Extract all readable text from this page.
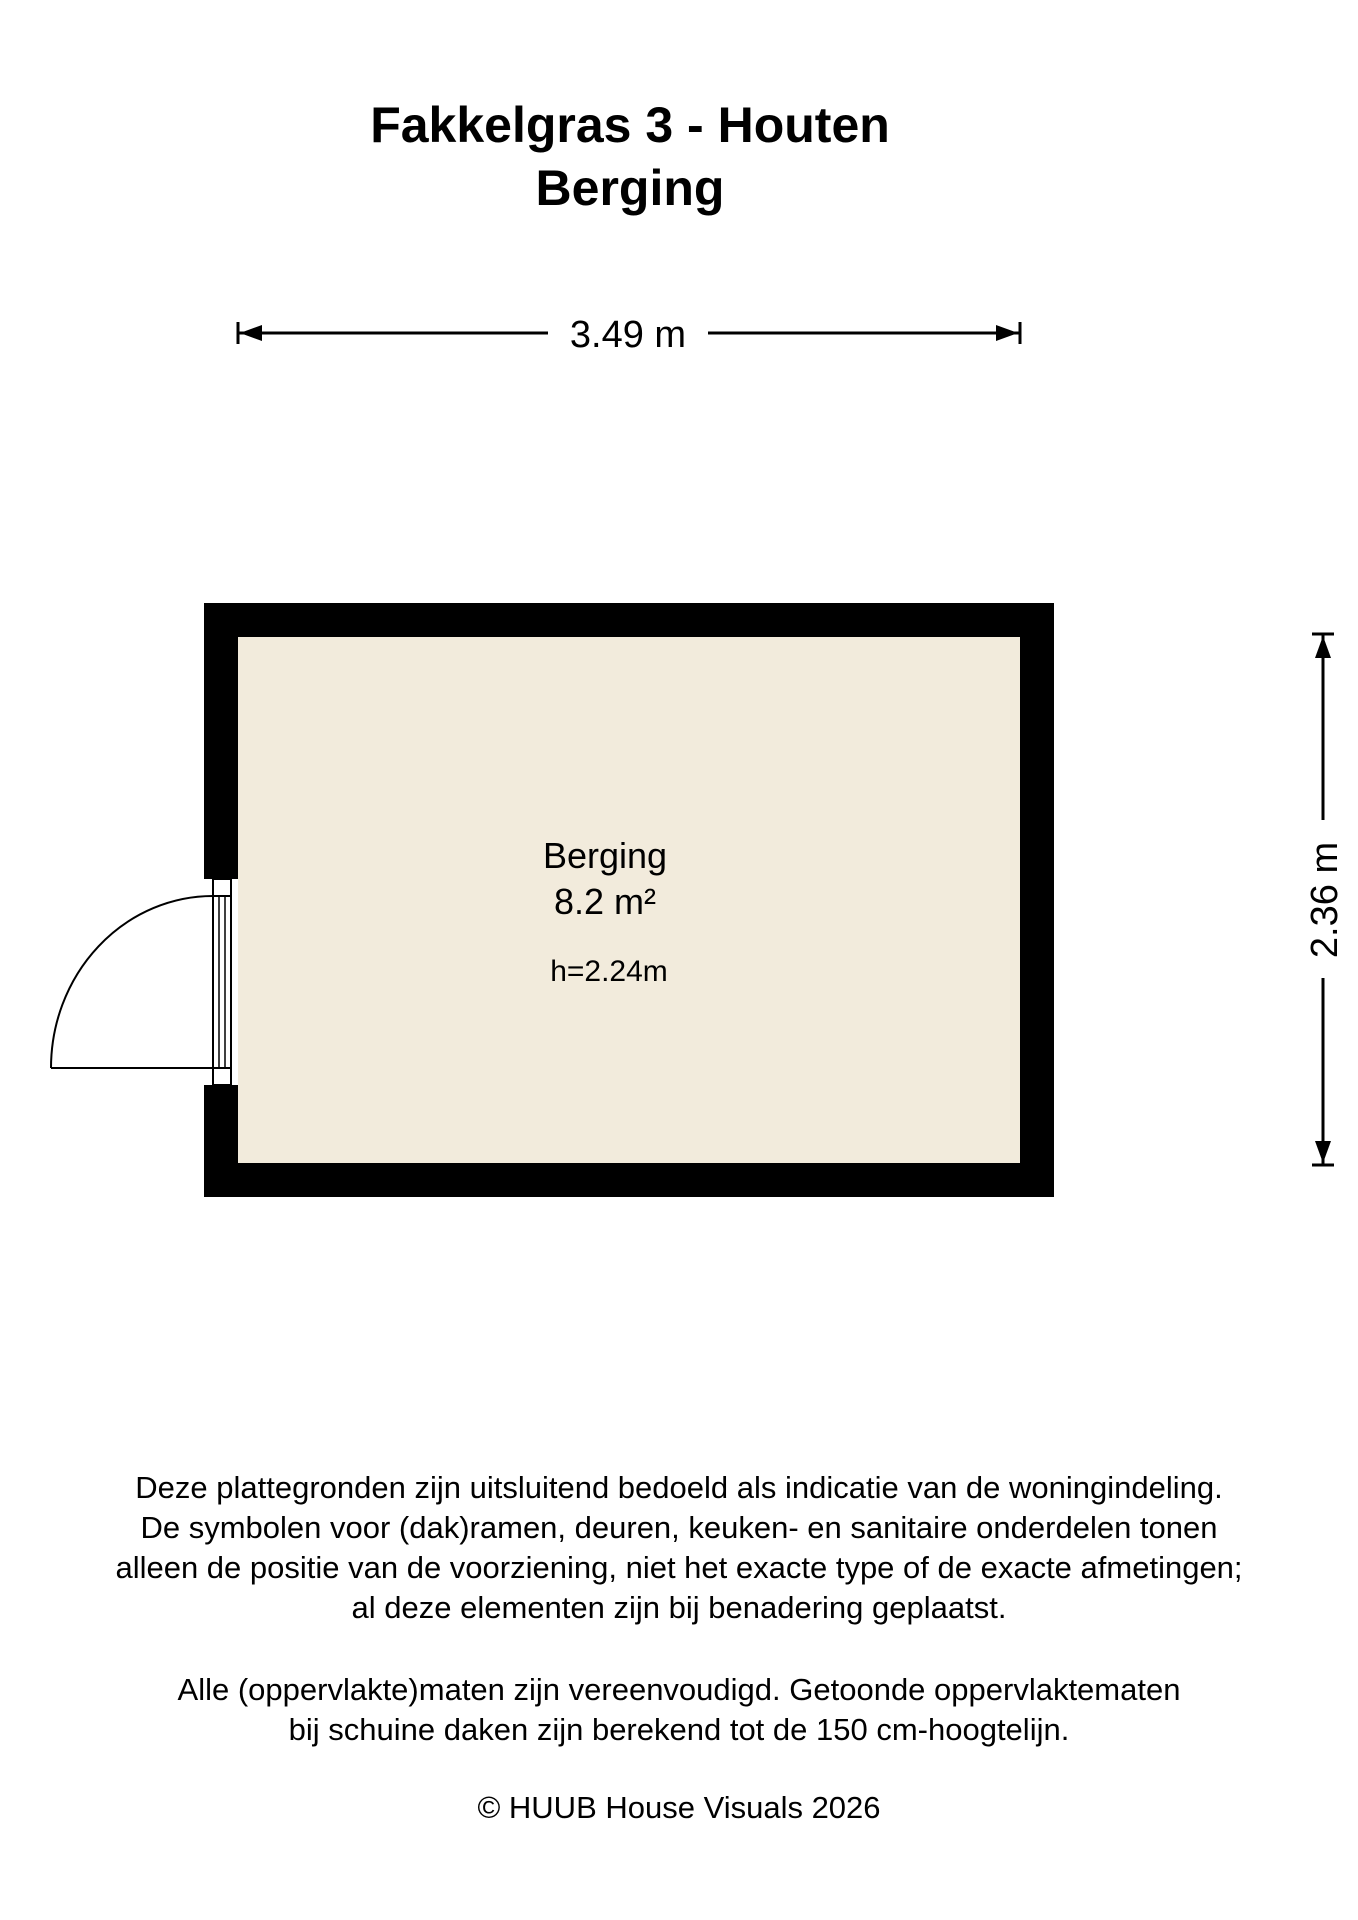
Fakkelgras 3 - Houten
Berging
3.49 m
2.36 m
Berging
8.2 m²
h=2.24m
Deze plattegronden zijn uitsluitend bedoeld als indicatie van de woningindeling.
De symbolen voor (dak)ramen, deuren, keuken- en sanitaire onderdelen tonen
alleen de positie van de voorziening, niet het exacte type of de exacte afmetingen;
al deze elementen zijn bij benadering geplaatst.
Alle (oppervlakte)maten zijn vereenvoudigd. Getoonde oppervlaktematen
bij schuine daken zijn berekend tot de 150 cm-hoogtelijn.
© HUUB House Visuals 2026
